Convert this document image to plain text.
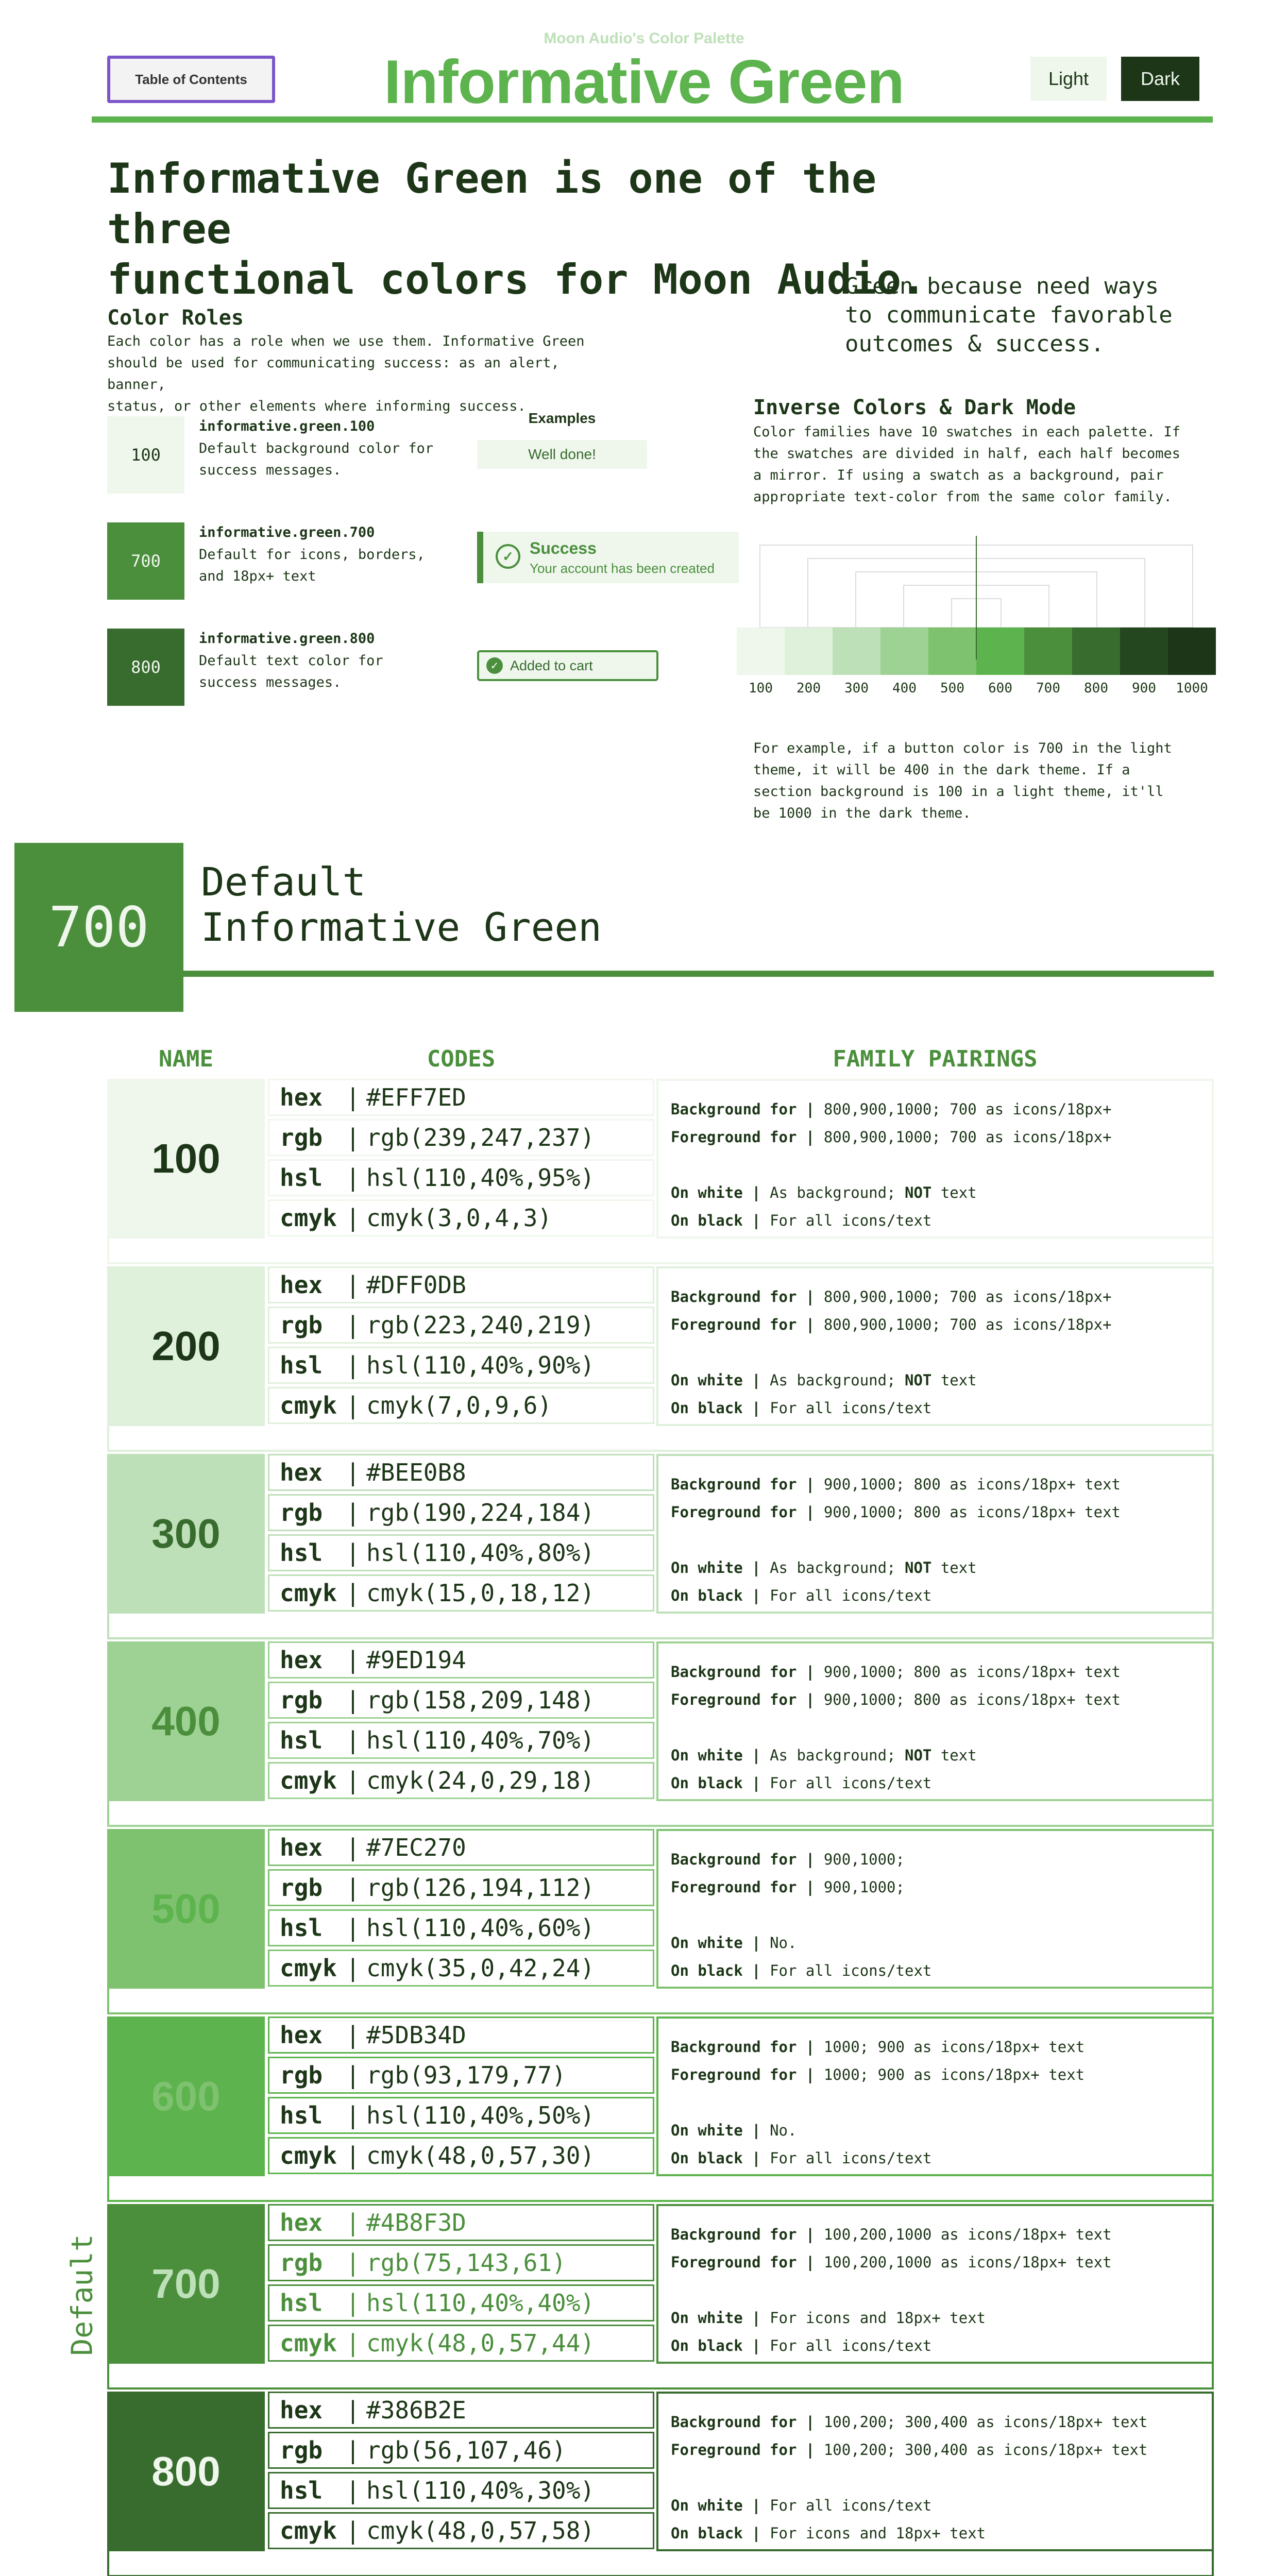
Table of Contents
Moon Audio's Color Palette
Informative Green	Light	Dark
Informative Green is one of the three
functional colors for Moon Audio.
Green because need ways
to communicate favorable
outcomes & success.
Color Roles
Each color has a role when we use them. Informative Green
should be used for communicating success: as an alert, banner,
status, or other elements where informing success.
100
informative.green.100
Default background color for
success messages.
700
informative.green.700
Default for icons, borders,
and 18px+ text
800
informative.green.800
Default text color for
success messages.
Examples
Well done!
✓ Success
Your account has been created
✓ Added to cart
Inverse Colors & Dark Mode
Color families have 10 swatches in each palette. If
the swatches are divided in half, each half becomes
a mirror. If using a swatch as a background, pair
appropriate text-color from the same color family.
100 200 300 400 500 600 700 800 900 1000
For example, if a button color is 700 in the light
theme, it will be 400 in the dark theme. If a
section background is 100 in a light theme, it'll
be 1000 in the dark theme.
700
Default
Informative Green
NAME	CODES	FAMILY PAIRINGS
100
hex | #EFF7ED
rgb | rgb(239,247,237)
hsl | hsl(110,40%,95%)
cmyk | cmyk(3,0,4,3)
Background for | 800,900,1000; 700 as icons/18px+
Foreground for | 800,900,1000; 700 as icons/18px+
On white | As background; NOT text
On black | For all icons/text
200
hex | #DFF0DB
rgb | rgb(223,240,219)
hsl | hsl(110,40%,90%)
cmyk | cmyk(7,0,9,6)
Background for | 800,900,1000; 700 as icons/18px+
Foreground for | 800,900,1000; 700 as icons/18px+
On white | As background; NOT text
On black | For all icons/text
300
hex | #BEE0B8
rgb | rgb(190,224,184)
hsl | hsl(110,40%,80%)
cmyk | cmyk(15,0,18,12)
Background for | 900,1000; 800 as icons/18px+ text
Foreground for | 900,1000; 800 as icons/18px+ text
On white | As background; NOT text
On black | For all icons/text
400
hex | #9ED194
rgb | rgb(158,209,148)
hsl | hsl(110,40%,70%)
cmyk | cmyk(24,0,29,18)
Background for | 900,1000; 800 as icons/18px+ text
Foreground for | 900,1000; 800 as icons/18px+ text
On white | As background; NOT text
On black | For all icons/text
500
hex | #7EC270
rgb | rgb(126,194,112)
hsl | hsl(110,40%,60%)
cmyk | cmyk(35,0,42,24)
Background for | 900,1000;
Foreground for | 900,1000;
On white | No.
On black | For all icons/text
600
hex | #5DB34D
rgb | rgb(93,179,77)
hsl | hsl(110,40%,50%)
cmyk | cmyk(48,0,57,30)
Background for | 1000; 900 as icons/18px+ text
Foreground for | 1000; 900 as icons/18px+ text
On white | No.
On black | For all icons/text
700
hex | #4B8F3D
rgb | rgb(75,143,61)
hsl | hsl(110,40%,40%)
cmyk | cmyk(48,0,57,44)
Background for | 100,200,1000 as icons/18px+ text
Foreground for | 100,200,1000 as icons/18px+ text
On white | For icons and 18px+ text
On black | For all icons/text
800
hex | #386B2E
rgb | rgb(56,107,46)
hsl | hsl(110,40%,30%)
cmyk | cmyk(48,0,57,58)
Background for | 100,200; 300,400 as icons/18px+ text
Foreground for | 100,200; 300,400 as icons/18px+ text
On white | For all icons/text
On black | For icons and 18px+ text
Default
